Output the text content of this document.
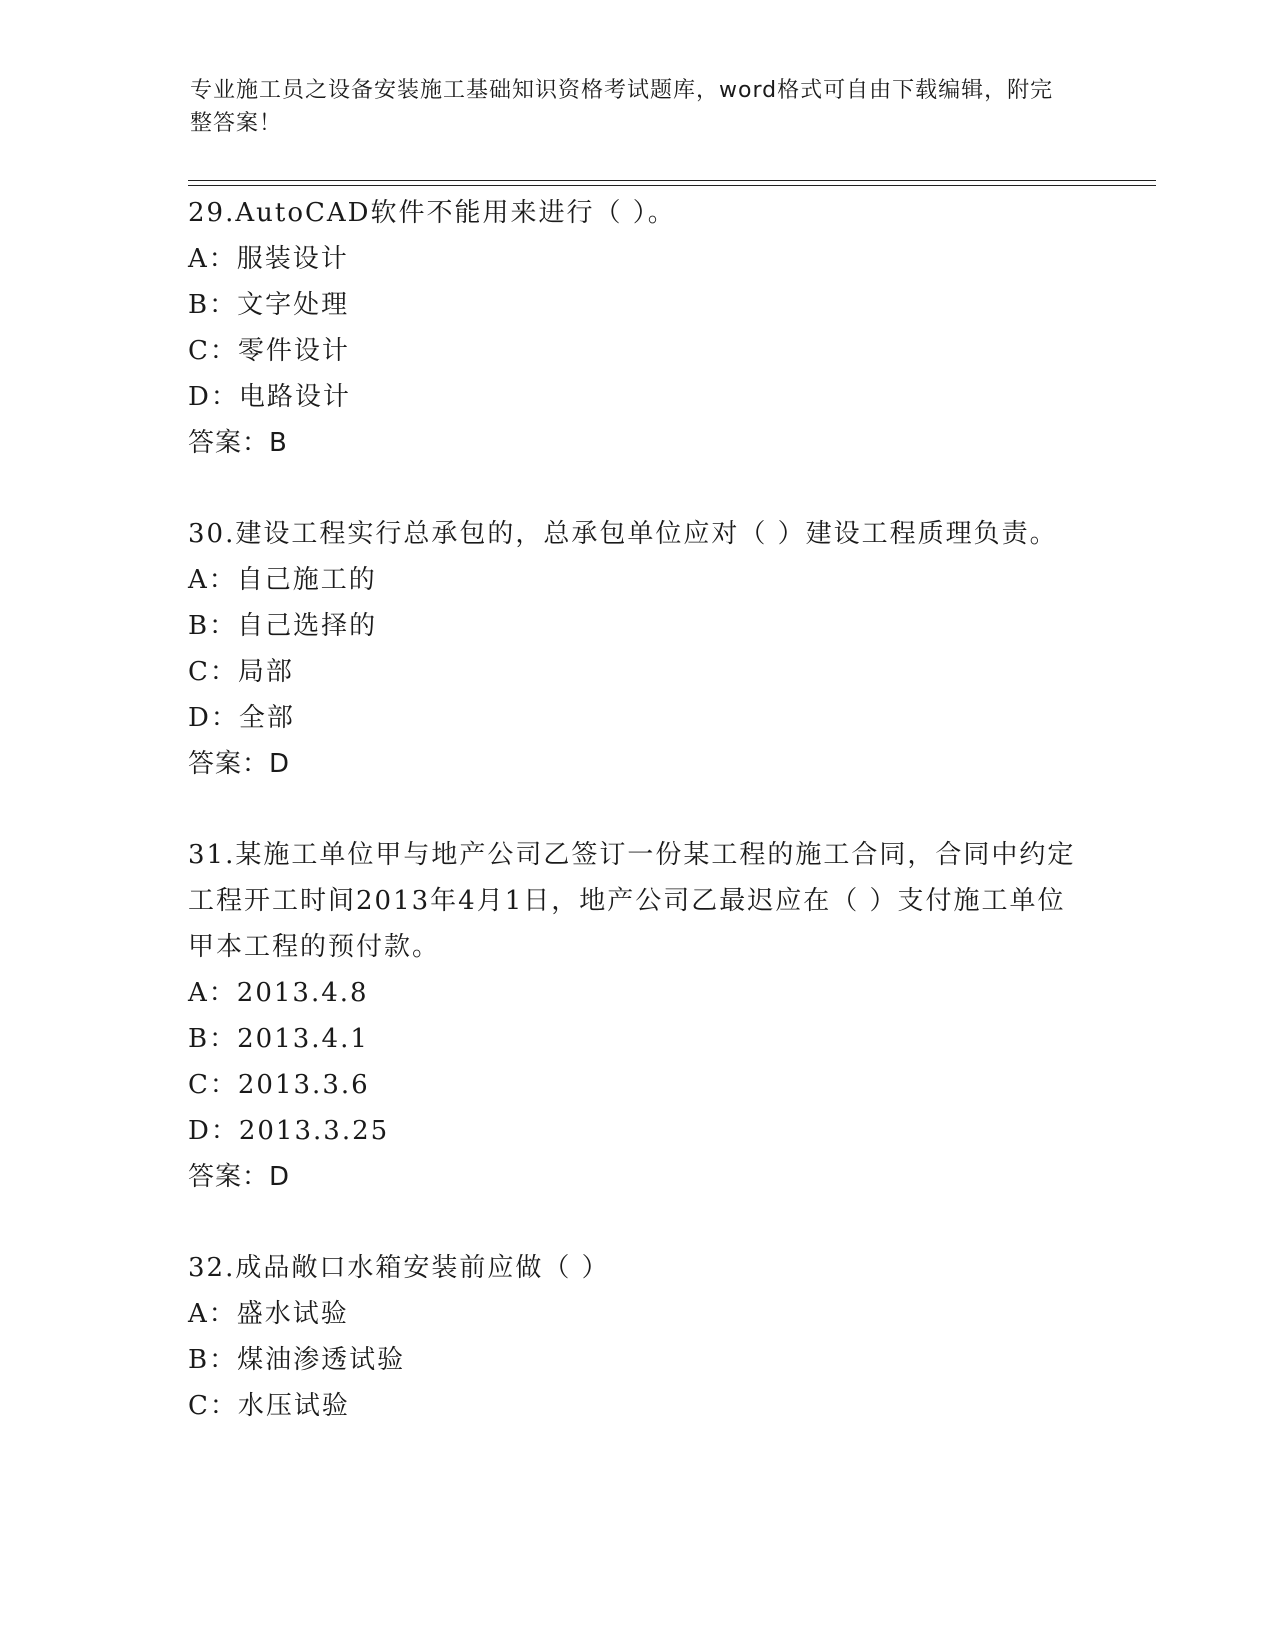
专业施工员之设备安装施工基础知识资格考试题库，word格式可自由下载编辑，附完整答案！
29.AutoCAD软件不能用来进行（ ）。
A：服装设计
B：文字处理
C：零件设计
D：电路设计
答案：B
30.建设工程实行总承包的，总承包单位应对（ ）建设工程质理负责。
A：自己施工的
B：自己选择的
C：局部
D：全部
答案：D
31.某施工单位甲与地产公司乙签订一份某工程的施工合同，合同中约定工程开工时间2013年4月1日，地产公司乙最迟应在（ ）支付施工单位甲本工程的预付款。
A：2013.4.8
B：2013.4.1
C：2013.3.6
D：2013.3.25
答案：D
32.成品敞口水箱安装前应做（ ）
A：盛水试验
B：煤油渗透试验
C：水压试验
